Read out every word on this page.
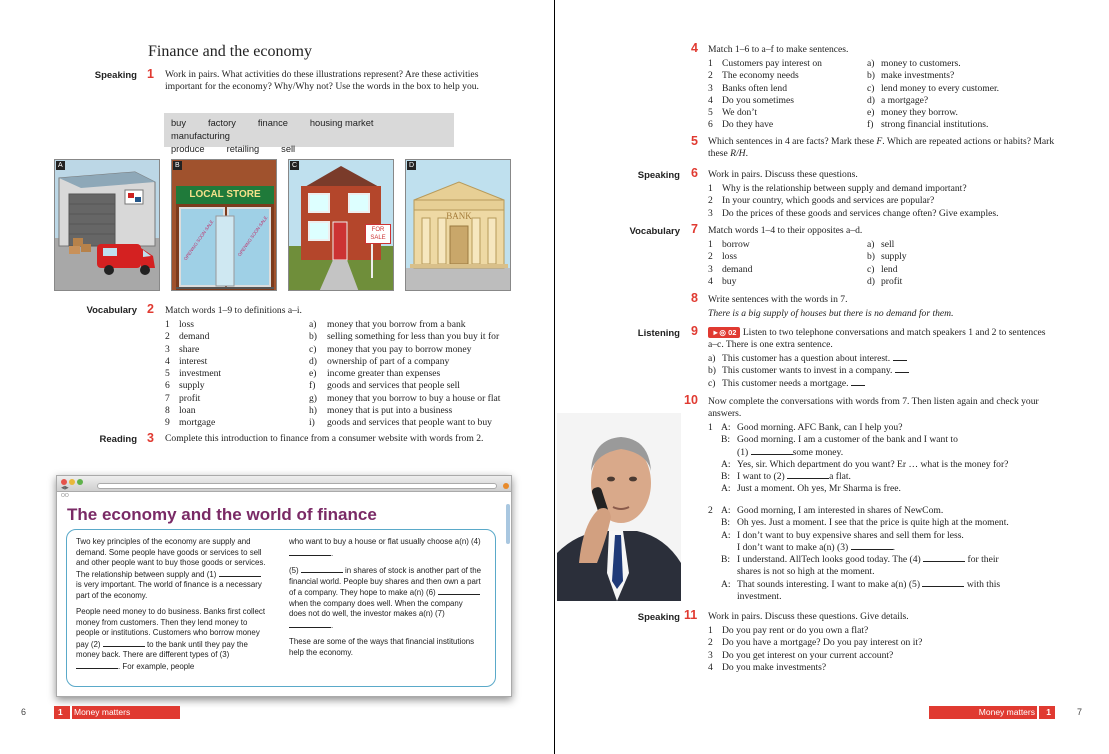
Finance and the economy
Speaking 1 Work in pairs. What activities do these illustrations represent? Are these activities important for the economy? Why/Why not? Use the words in the box to help you.
buy factory finance housing marketmanufacturing
produce retailing sell
A
LOCAL STORE
OPENING SOON SALE	OPENING SOON SALE
B
FOR SALE
C
BANK
D
Vocabulary 2 Match words 1–9 to definitions a–i.
1 loss	a)	money that you borrow from a bank
2 demand	b)	selling something for less than you buy it for
3 share	c)	money that you pay to borrow money
4 interest	d)	ownership of part of a company
5 investment	e)	income greater than expenses
6 supply	f)	goods and services that people sell
7 profit	g)	money that you borrow to buy a house or flat
8 loan	h)	money that is put into a business
9 mortgage	i)	goods and services that people want to buy
Reading 3 Complete this introduction to finance from a consumer website with words from 2.
◀▶
OO
The economy and the world of finance

Two key principles of the economy are supply and demand. Some people have goods or services to sell and other people want to buy those goods or services. The relationship between supply and (1)  is very important. The world of finance is a necessary part of the economy.

People need money to do business. Banks first collect money from customers. Then they lend money to people or institutions. Customers who borrow money pay (2)	to the bank until they pay the money back. There are different types of (3) . For example, people

who want to buy a house or flat usually choose a(n) (4) .

(5)	in shares of stock is another part of the financial world. People buy shares and then own a part of a company. They hope to make a(n) (6)  when the company does well. When the company does not do well, the investor makes a(n) (7) .

These are some of the ways that financial institutions help the economy.

6	1 Money matters
4 Match 1–6 to a–f to make sentences.
1 Customers pay interest on	a) money to customers.
2 The economy needs	b) make investments?
3 Banks often lend	c) lend money to every customer.
4 Do you sometimes	d) a mortgage?
5 We don’t	e) money they borrow.
6 Do they have	f) strong financial institutions.
5 Which sentences in 4 are facts? Mark these F. Which are repeated actions or habits? Mark these R/H.
Speaking 6 Work in pairs. Discuss these questions.
1 Why is the relationship between supply and demand important?
2 In your country, which goods and services are popular?
3 Do the prices of these goods and services change often? Give examples.
Vocabulary 7 Match words 1–4 to their opposites a–d.
1 borrow	a) sell
2 loss	b) supply
3 demand	c) lend
4 buy	d) profit
8 Write sentences with the words in 7.
There is a big supply of houses but there is no demand for them.
Listening 9	►◎ 02 Listen to two telephone conversations and match speakers 1 and 2 to sentences a–c. There is one extra sentence.
a) This customer has a question about interest.

b) This customer wants to invest in a company.

c) This customer needs a mortgage.

10 Now complete the conversations with words from 7. Then listen again and check your answers.
1 A: Good morning. AFC Bank, can I help you?
B: Good morning. I am a customer of the bank and I want to
(1)
	some money.
A: Yes, sir. Which department do you want? Er … what is the money for?
B: I want to (2)
	a flat.
A: Just a moment. Oh yes, Mr Sharma is free.
2 A: Good morning, I am interested in shares of NewCom.
B: Oh yes. Just a moment. I see that the price is quite high at the moment.
A: I don’t want to buy expensive shares and sell them for less.
I don’t want to make a(n) (3)
	.
B: I understand. AllTech looks good today. The (4)

	for their
shares is not so high at the moment.
A: That sounds interesting. I want to make a(n) (5)

	with this
investment.
Speaking 11 Work in pairs. Discuss these questions. Give details.
1 Do you pay rent or do you own a flat?
2 Do you have a mortgage? Do you pay interest on it?
3 Do you get interest on your current account?
4 Do you make investments?
Money matters 1	7
